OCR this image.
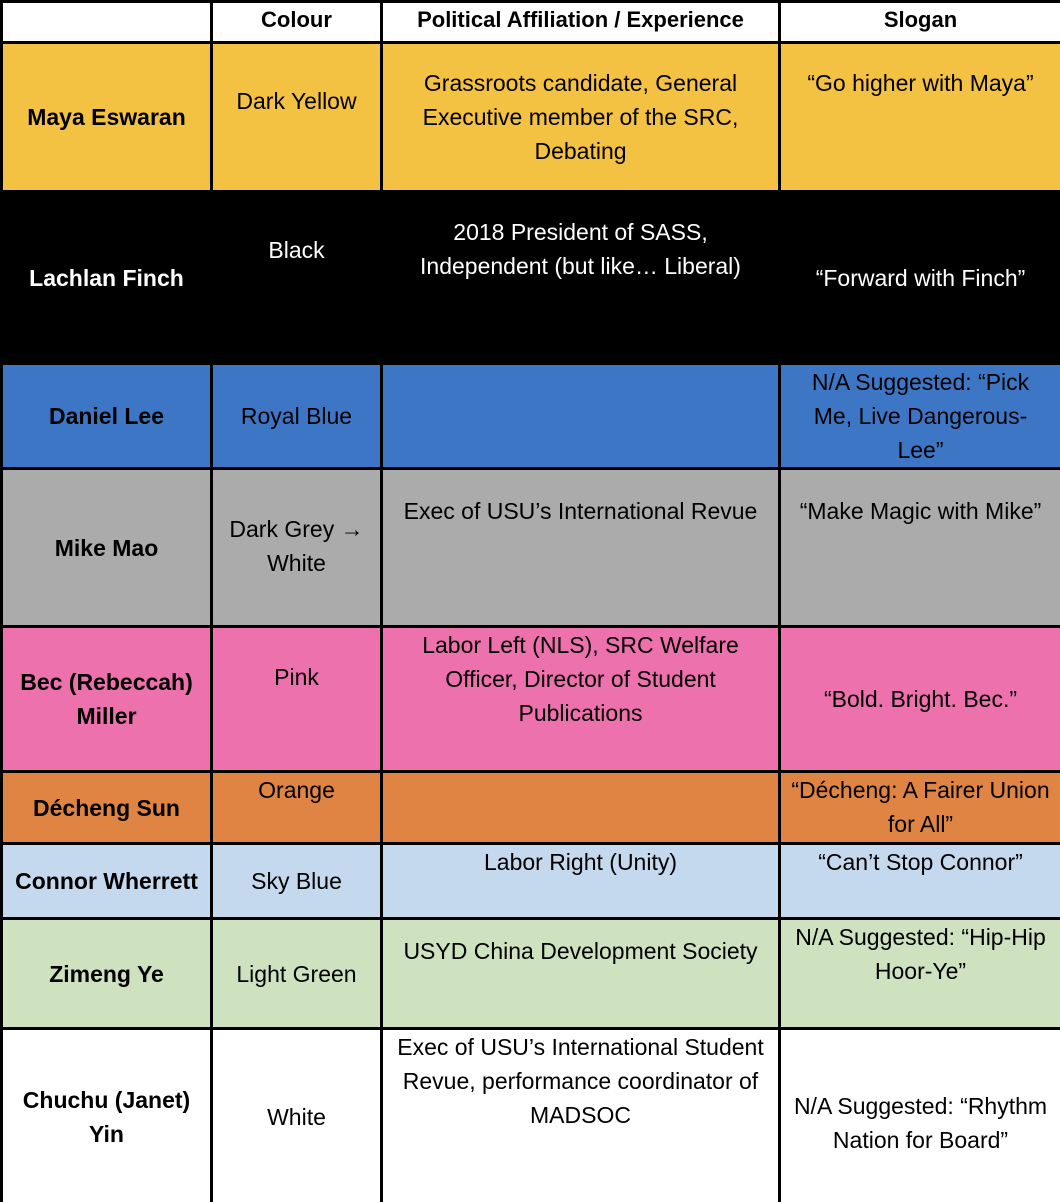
	Colour	Political Affiliation / Experience	Slogan
Maya Eswaran	Dark Yellow	Grassroots candidate, General Executive member of the SRC, Debating	“Go higher with Maya”
Lachlan Finch	Black	2018 President of SASS, Independent (but like… Liberal)	“Forward with Finch”
Daniel Lee	Royal Blue		N/A Suggested: “Pick Me, Live Dangerous-Lee”
Mike Mao	Dark Grey → White	Exec of USU’s International Revue	“Make Magic with Mike”
Bec (Rebeccah) Miller	Pink	Labor Left (NLS), SRC Welfare Officer, Director of Student Publications	“Bold. Bright. Bec.”
Décheng Sun	Orange		“Décheng: A Fairer Union for All”
Connor Wherrett	Sky Blue	Labor Right (Unity)	“Can’t Stop Connor”
Zimeng Ye	Light Green	USYD China Development Society	N/A Suggested: “Hip-Hip Hoor-Ye”
Chuchu (Janet) Yin	White	Exec of USU’s International Student Revue, performance coordinator of MADSOC	N/A Suggested: “Rhythm Nation for Board”
